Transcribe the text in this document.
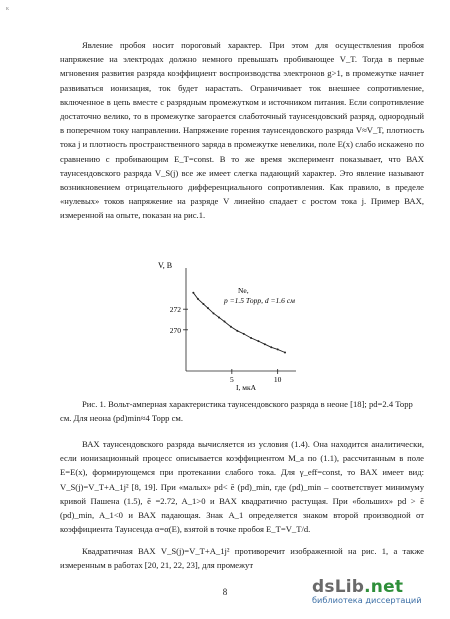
к

Явление пробоя носит пороговый характер. При этом для осуществления пробоя напряжение на электродах должно немного превышать пробивающее V_T. Тогда в первые мгновения развития разряда коэффициент воспроизводства электронов g>1, в промежутке начнет развиваться ионизация, ток будет нарастать. Ограничивает ток внешнее сопротивление, включенное в цепь вместе с разрядным промежутком и источником питания. Если сопротивление достаточно велико, то в промежутке загорается слаботочный таунсендовский разряд, однородный в поперечном току направлении. Напряжение горения таунсендовского разряда V≈V_T, плотность тока j и плотность пространственного заряда в промежутке невелики, поле E(x) слабо искажено по сравнению с пробивающим E_T=const. В то же время эксперимент показывает, что ВАХ таунсендовского разряда V_S(j) все же имеет слегка падающий характер. Это явление называют возникновением отрицательного дифференциального сопротивления. Как правило, в пределе «нулевых» токов напряжение на разряде V линейно спадает с ростом тока j. Пример ВАХ, измеренной на опыте, показан на рис.1.

V, B
270
272
5	10
Ne,
p =1.5 Торр, d =1.6 см
I, мкА

Рис. 1. Вольт-амперная характеристика таунсендовского разряда в неоне [18]; pd=2.4 Торр см. Для неона (pd)min≈4 Торр см.

ВАХ таунсендовского разряда вычисляется из условия (1.4). Она находится аналитически, если ионизационный процесс описывается коэффициентом M_a по (1.1), рассчитанным в поле E=E(x), формирующемся при протекании слабого тока. Для γ_eff=const, то ВАХ имеет вид: V_S(j)=V_T+A_1j² [8, 19]. При «малых» pd< ē (pd)_min, где (pd)_min – соответствует минимуму кривой Пашена (1.5), ē =2.72, A_1>0 и ВАХ квадратично растущая. При «больших» pd > ē (pd)_min, A_1<0 и ВАХ падающая. Знак A_1 определяется знаком второй производной от коэффициента Таунсенда α=α(E), взятой в точке пробоя E_T=V_T/d.

Квадратичная ВАХ V_S(j)=V_T+A_1j² противоречит изображенной на рис. 1, а также измеренным в работах [20, 21, 22, 23], для промежут

8	dsLib.net
библиотека диссертаций
